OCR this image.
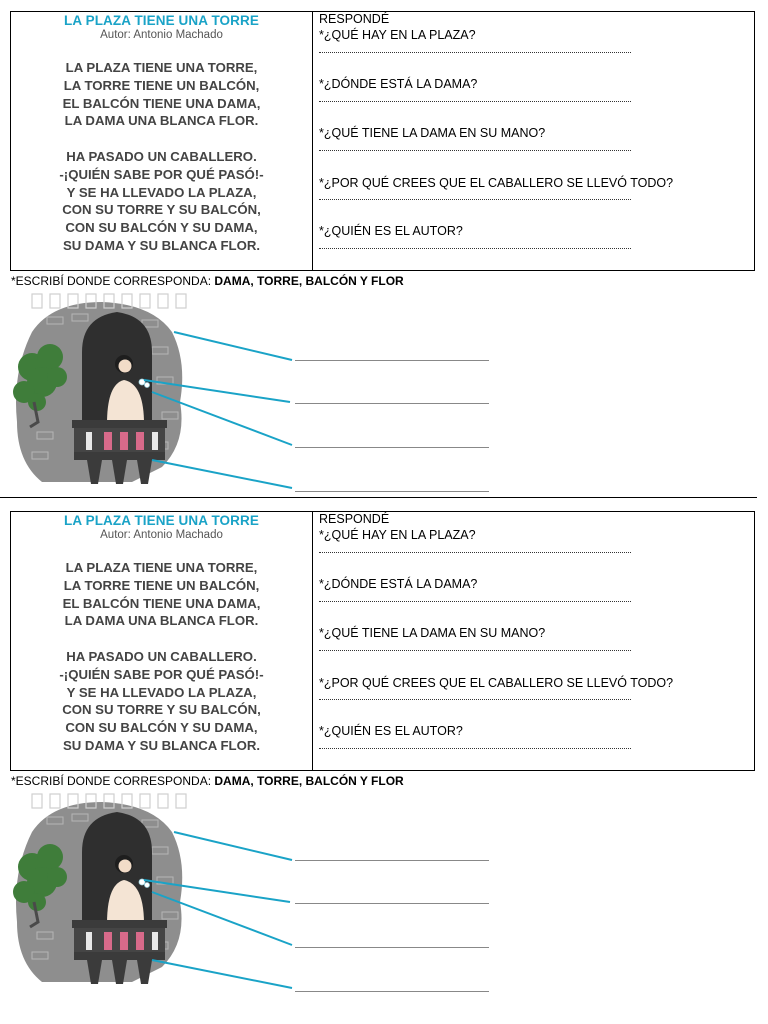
LA PLAZA TIENE UNA TORRE
Autor: Antonio Machado
LA PLAZA TIENE UNA TORRE,
LA TORRE TIENE UN BALCÓN,
EL BALCÓN TIENE UNA DAMA,
LA DAMA UNA BLANCA FLOR.
HA PASADO UN CABALLERO.
-¡QUIÉN SABE POR QUÉ PASÓ!-
Y SE HA LLEVADO LA PLAZA,
CON SU TORRE Y SU BALCÓN,
CON SU BALCÓN Y SU DAMA,
SU DAMA Y SU BLANCA FLOR.
RESPONDÉ
*¿QUÉ HAY EN LA PLAZA?
*¿DÓNDE ESTÁ LA DAMA?
*¿QUÉ TIENE LA DAMA EN SU MANO?
*¿POR QUÉ CREES QUE EL CABALLERO SE LLEVÓ TODO?
*¿QUIÉN ES EL AUTOR?
*ESCRIBÍ DONDE CORRESPONDA: DAMA, TORRE, BALCÓN Y FLOR
LA PLAZA TIENE UNA TORRE
Autor: Antonio Machado
LA PLAZA TIENE UNA TORRE,
LA TORRE TIENE UN BALCÓN,
EL BALCÓN TIENE UNA DAMA,
LA DAMA UNA BLANCA FLOR.
HA PASADO UN CABALLERO.
-¡QUIÉN SABE POR QUÉ PASÓ!-
Y SE HA LLEVADO LA PLAZA,
CON SU TORRE Y SU BALCÓN,
CON SU BALCÓN Y SU DAMA,
SU DAMA Y SU BLANCA FLOR.
RESPONDÉ
*¿QUÉ HAY EN LA PLAZA?
*¿DÓNDE ESTÁ LA DAMA?
*¿QUÉ TIENE LA DAMA EN SU MANO?
*¿POR QUÉ CREES QUE EL CABALLERO SE LLEVÓ TODO?
*¿QUIÉN ES EL AUTOR?
*ESCRIBÍ DONDE CORRESPONDA: DAMA, TORRE, BALCÓN Y FLOR
